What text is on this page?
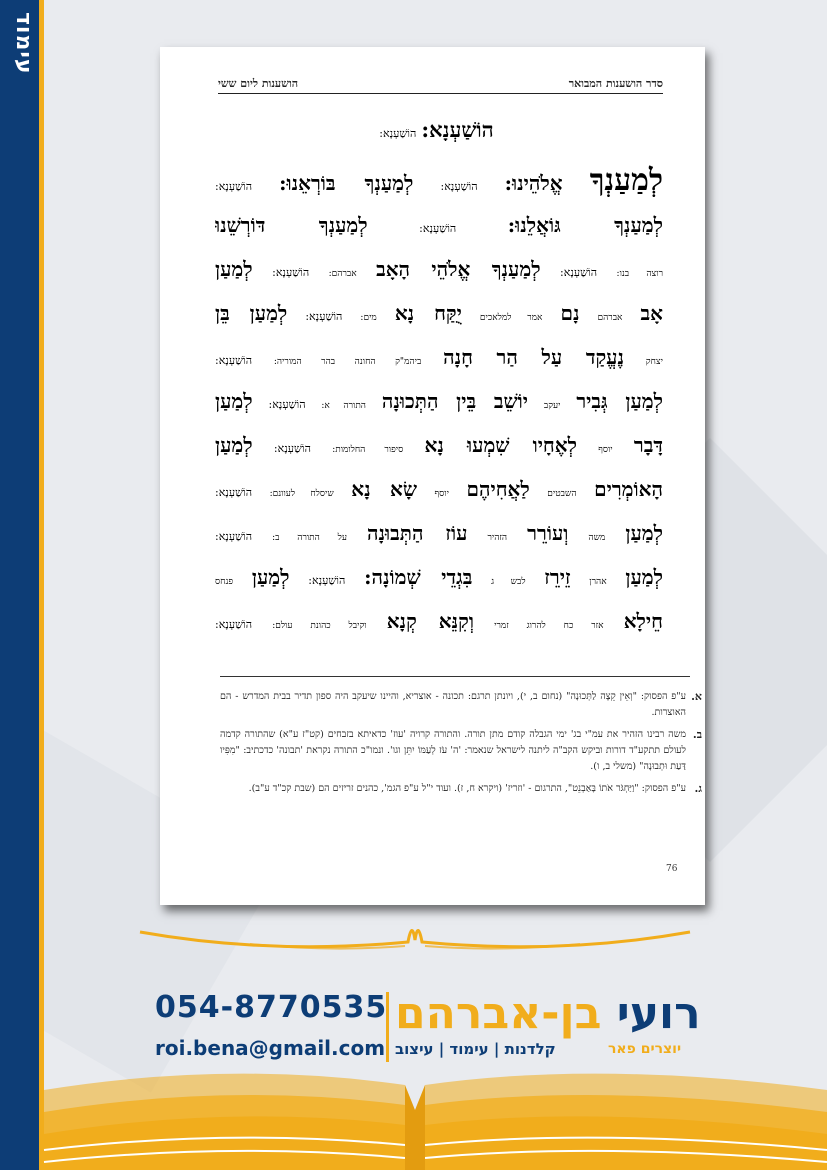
עימוד
סדר הושענות המבואר
הושענות ליום ששי
הוֹשַׁעְנָא: הוֹשַׁעְנָא:
לְמַעַנְךָ אֱלֹהֵינוּ: הוֹשַׁעְנָא: לְמַעַנְךָ בּוֹרְאֵנוּ: הוֹשַׁעְנָא:
לְמַעַנְךָ גּוֹאֲלֵנוּ: הוֹשַׁעְנָא: לְמַעַנְךָ דּוֹרְשֵׁנוּ
רוצה בנו: הוֹשַׁעְנָא: לְמַעַנְךָ אֱלֹהֵי הָאָב אברהם: הוֹשַׁעְנָא: לְמַעַן
אָב אברהם נָם אמר למלאכים יֻקַּח נָא מים: הוֹשַׁעְנָא: לְמַעַן בֵּן
יצחק נֶעֱקַד עַל הַר חָנָה ביהמ"ק החונה בהר המוריה: הוֹשַׁעְנָא:
לְמַעַן גְּבִיר יעקב יוֹשֵׁב בֵּין הַתְּכוּנָה התורה א: הוֹשַׁעְנָא: לְמַעַן
דָּבָר יוסף לְאֶחָיו שִׁמְעוּ נָא סיפור החלומות: הוֹשַׁעְנָא: לְמַעַן
הָאוֹמְרִים השבטים לַאֲחִיהֶם יוסף שָׂא נָא שיסלח לעוונם: הוֹשַׁעְנָא:
לְמַעַן משה וְעוֹרֵר הזהיר עוֹז הַתְּבוּנָה על התורה ב: הוֹשַׁעְנָא:
לְמַעַן אהרן זֵירֵז לבש ג בִּגְדֵי שְׁמוֹנָה: הוֹשַׁעְנָא: לְמַעַן פנחס
חֵילָא אזר כח להרוג זמרי וְקִנֵּא קְנָא וקיבל כהונת עולם: הוֹשַׁעְנָא:
א.
ע"פ הפסוק: "וְאֵין קֵצֶה לַתְּכוּנָה" (נחום ב, י), ויונתן תרגם: תכונה - אוצריא, והיינו שיעקב היה ספון תדיר בבית המדרש - הם האוצרות.
ב.
משה רבינו הזהיר את עמ"י בג' ימי הגבלה קודם מתן תורה. והתורה קרויה 'עוז' כדאיתא בזבחים (קט"ז ע"א) שהתורה קדמה לעולם תתקע"ד דורות וביקש הקב"ה ליתנה לישראל שנאמר: 'ה' עֹז לְעַמּוֹ יִתֵּן וגו'. ונמו"כ התורה נקראת 'תבונה' כדכתיב: "מִפִּיו דַּעַת וּתְבוּנָה" (משלי ב, ו).
ג.
ע"פ הפסוק: "וַיַּחְגֹּר אֹתוֹ בָּאַבְנֵט", התרגום - 'וזריז' (ויקרא ח, ז). ועוד י"ל ע"פ הגמ', כהנים זריזים הם (שבת קכ"ד ע"ב).
76
רועי בן-אברהם
054-8770535
roi.bena@gmail.com קלדנות | עימוד | עיצוב	יוצרים פאר
